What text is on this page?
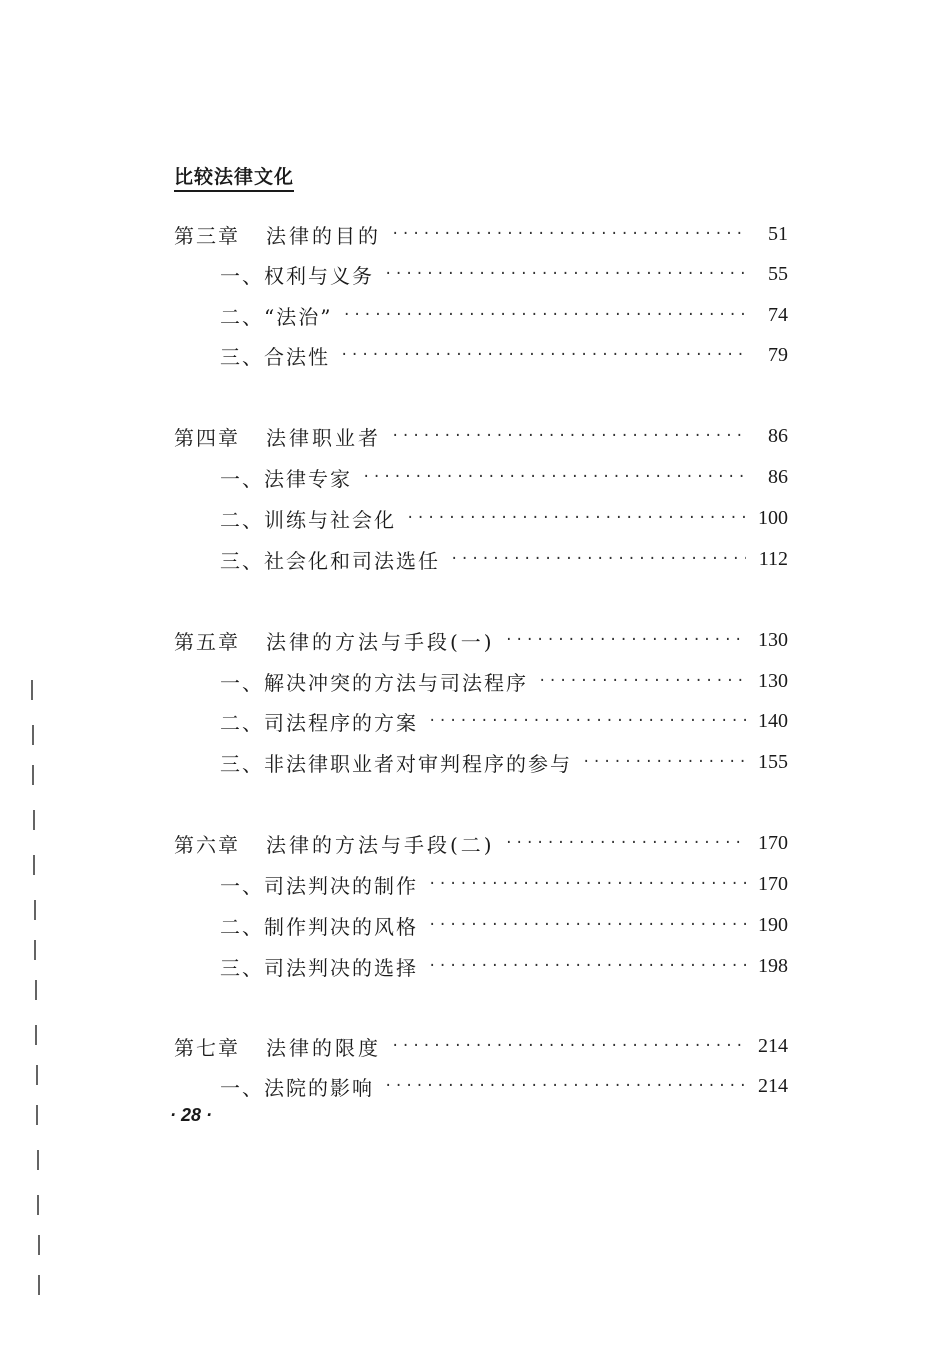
比较法律文化
第三章 法律的目的 ·····	51
一、权利与义务 ·····	55
二、“法治” ·····	74
三、合法性 ·····	79
第四章 法律职业者 ·····	86
一、法律专家 ·····	86
二、训练与社会化 ·····	100
三、社会化和司法选任 ·····	112
第五章 法律的方法与手段(一) ·····	130
一、解决冲突的方法与司法程序 ·····	130
二、司法程序的方案 ·····	140
三、非法律职业者对审判程序的参与 ·····	155
第六章 法律的方法与手段(二) ·····	170
一、司法判决的制作 ·····	170
二、制作判决的风格 ·····	190
三、司法判决的选择 ·····	198
第七章 法律的限度 ·····	214
一、法院的影响 ·····	214
· 28 ·
